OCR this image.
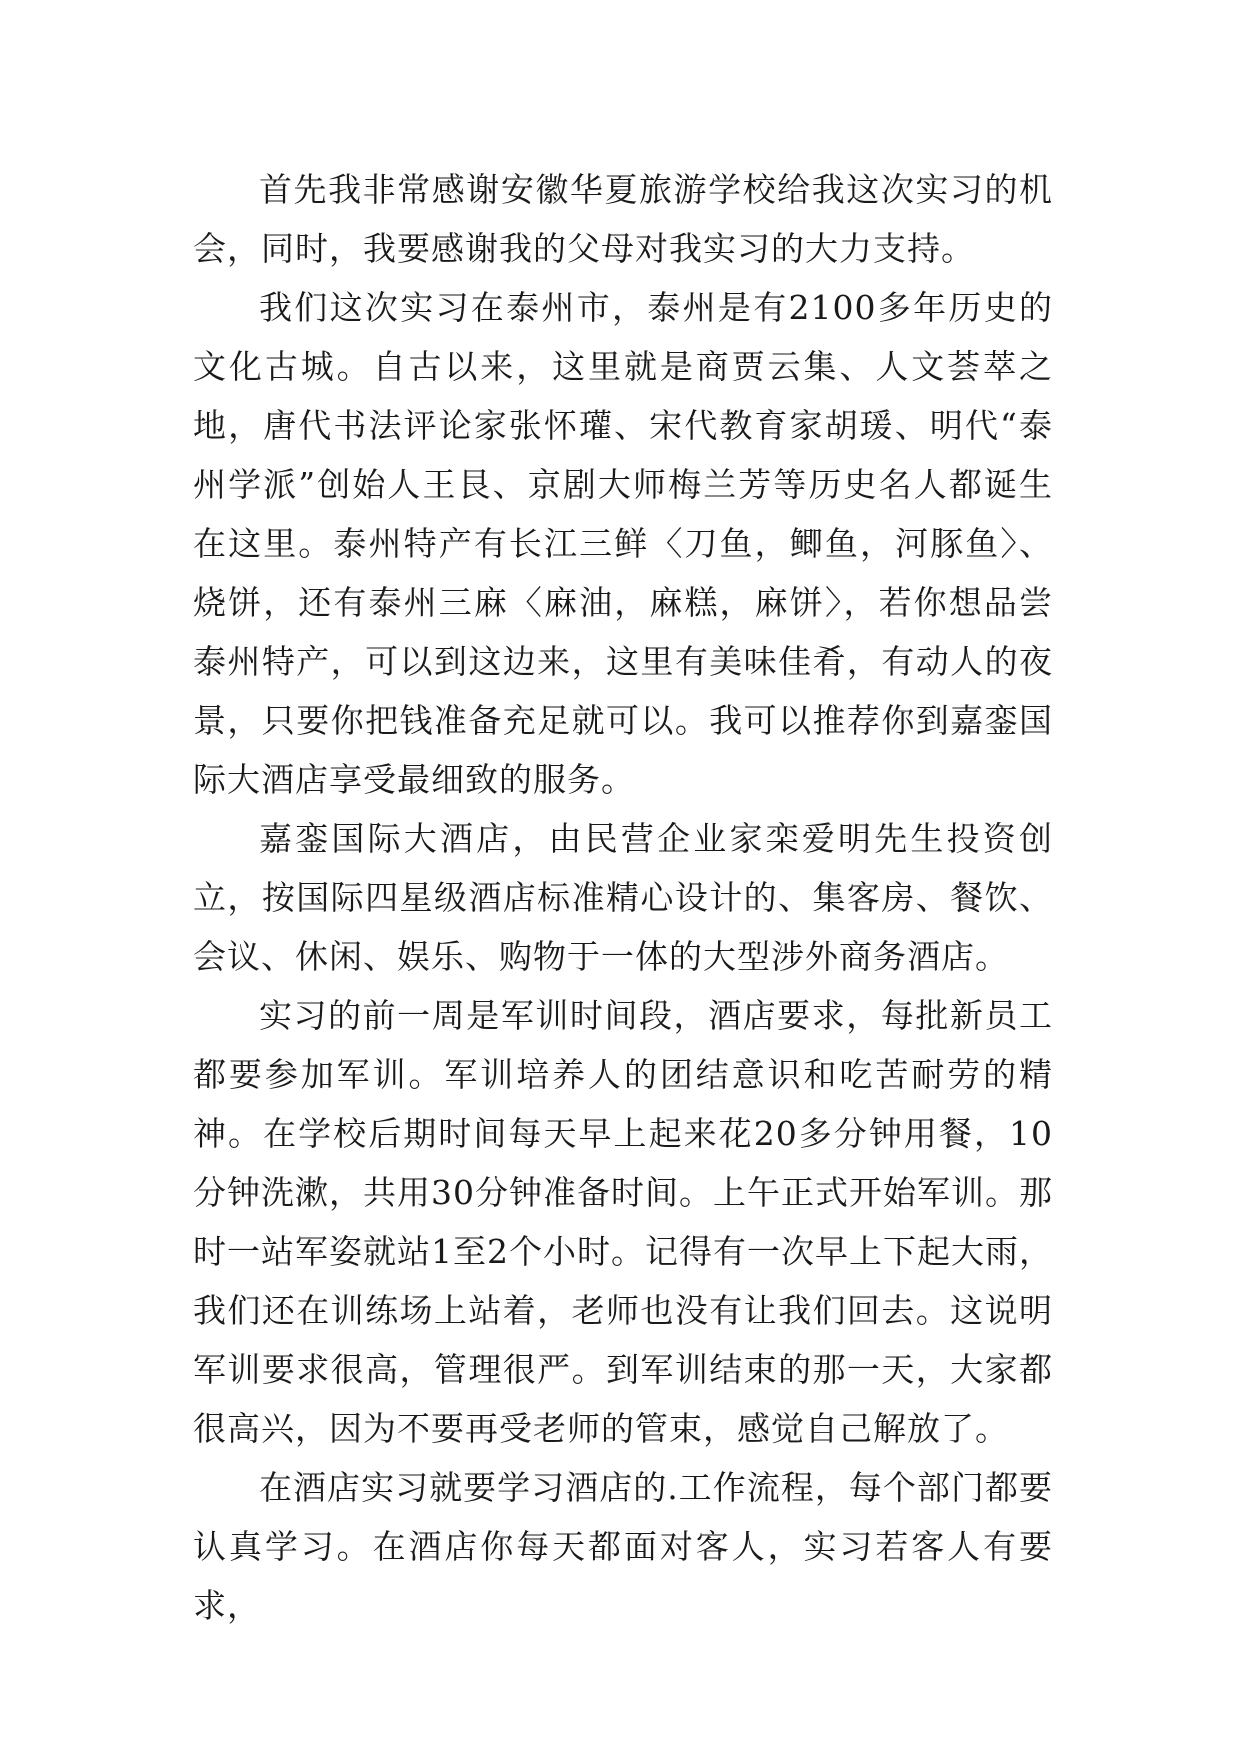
首先我非常感谢安徽华夏旅游学校给我这次实习的机会，同时，我要感谢我的父母对我实习的大力支持。

我们这次实习在泰州市，泰州是有2100多年历史的文化古城。自古以来，这里就是商贾云集、人文荟萃之地，唐代书法评论家张怀瓘、宋代教育家胡瑗、明代“泰州学派”创始人王艮、京剧大师梅兰芳等历史名人都诞生在这里。泰州特产有长江三鲜〈刀鱼，鲫鱼，河豚鱼〉、烧饼，还有泰州三麻〈麻油，麻糕，麻饼〉，若你想品尝泰州特产，可以到这边来，这里有美味佳肴，有动人的夜景，只要你把钱准备充足就可以。我可以推荐你到嘉銮国际大酒店享受最细致的服务。

嘉銮国际大酒店，由民营企业家栾爱明先生投资创立，按国际四星级酒店标准精心设计的、集客房、餐饮、会议、休闲、娱乐、购物于一体的大型涉外商务酒店。

实习的前一周是军训时间段，酒店要求，每批新员工都要参加军训。军训培养人的团结意识和吃苦耐劳的精神。在学校后期时间每天早上起来花20多分钟用餐，10分钟洗漱，共用30分钟准备时间。上午正式开始军训。那时一站军姿就站1至2个小时。记得有一次早上下起大雨，我们还在训练场上站着，老师也没有让我们回去。这说明军训要求很高，管理很严。到军训结束的那一天，大家都很高兴，因为不要再受老师的管束，感觉自己解放了。

在酒店实习就要学习酒店的.工作流程，每个部门都要认真学习。在酒店你每天都面对客人，实习若客人有要求，
